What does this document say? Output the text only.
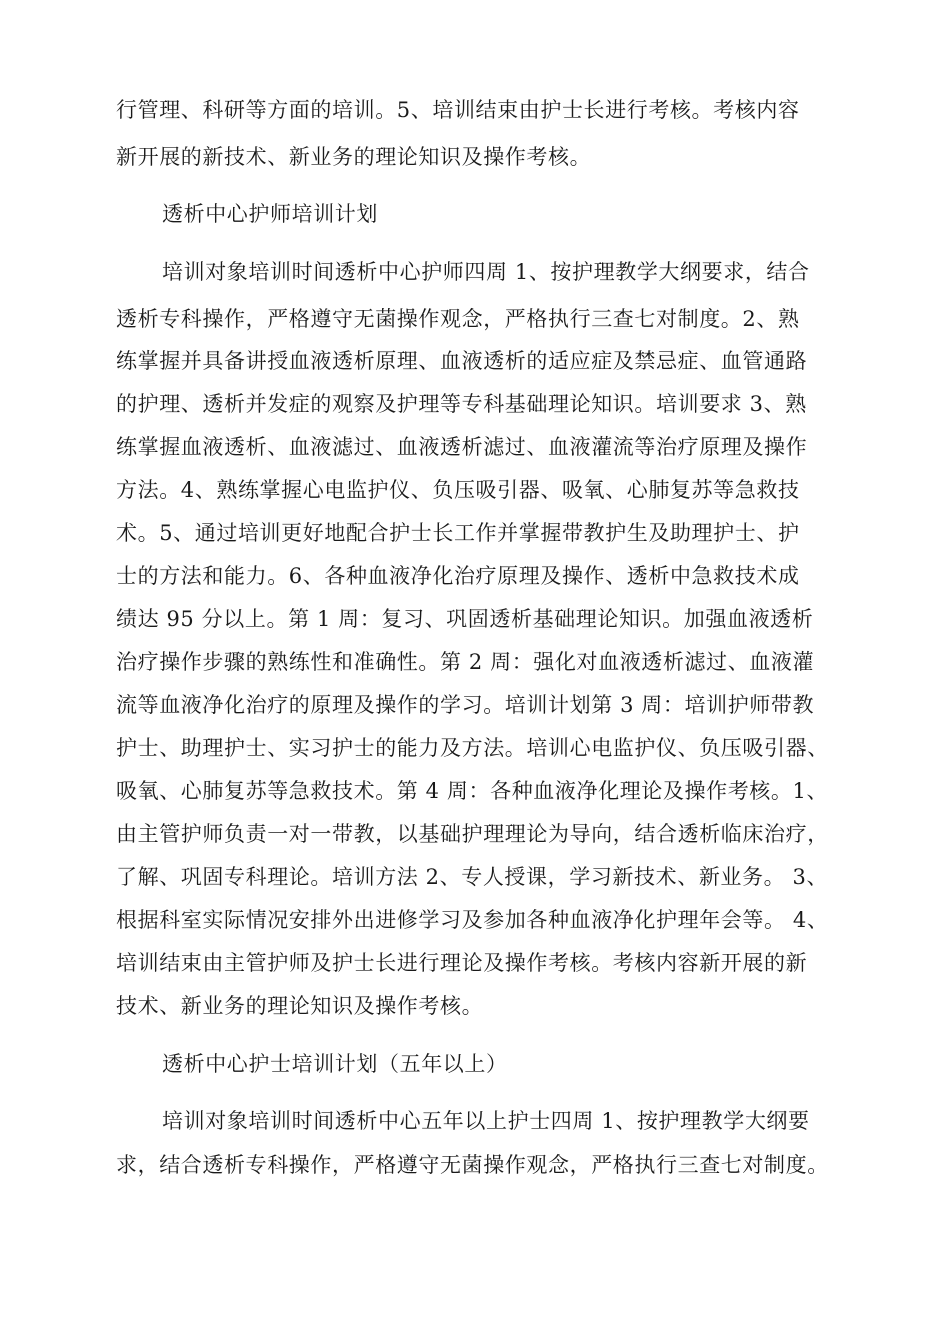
行管理、科研等方面的培训。5、培训结束由护士长进行考核。考核内容
新开展的新技术、新业务的理论知识及操作考核。
透析中心护师培训计划
培训对象培训时间透析中心护师四周 1、按护理教学大纲要求，结合
透析专科操作，严格遵守无菌操作观念，严格执行三查七对制度。2、熟
练掌握并具备讲授血液透析原理、血液透析的适应症及禁忌症、血管通路
的护理、透析并发症的观察及护理等专科基础理论知识。培训要求 3、熟
练掌握血液透析、血液滤过、血液透析滤过、血液灌流等治疗原理及操作
方法。4、熟练掌握心电监护仪、负压吸引器、吸氧、心肺复苏等急救技
术。5、通过培训更好地配合护士长工作并掌握带教护生及助理护士、护
士的方法和能力。6、各种血液净化治疗原理及操作、透析中急救技术成
绩达 95 分以上。第 1 周：复习、巩固透析基础理论知识。加强血液透析
治疗操作步骤的熟练性和准确性。第 2 周：强化对血液透析滤过、血液灌
流等血液净化治疗的原理及操作的学习。培训计划第 3 周：培训护师带教
护士、助理护士、实习护士的能力及方法。培训心电监护仪、负压吸引器、
吸氧、心肺复苏等急救技术。第 4 周：各种血液净化理论及操作考核。1、
由主管护师负责一对一带教，以基础护理理论为导向，结合透析临床治疗，
了解、巩固专科理论。培训方法 2、专人授课，学习新技术、新业务。 3、
根据科室实际情况安排外出进修学习及参加各种血液净化护理年会等。 4、
培训结束由主管护师及护士长进行理论及操作考核。考核内容新开展的新
技术、新业务的理论知识及操作考核。
透析中心护士培训计划（五年以上）
培训对象培训时间透析中心五年以上护士四周 1、按护理教学大纲要
求，结合透析专科操作，严格遵守无菌操作观念，严格执行三查七对制度。
